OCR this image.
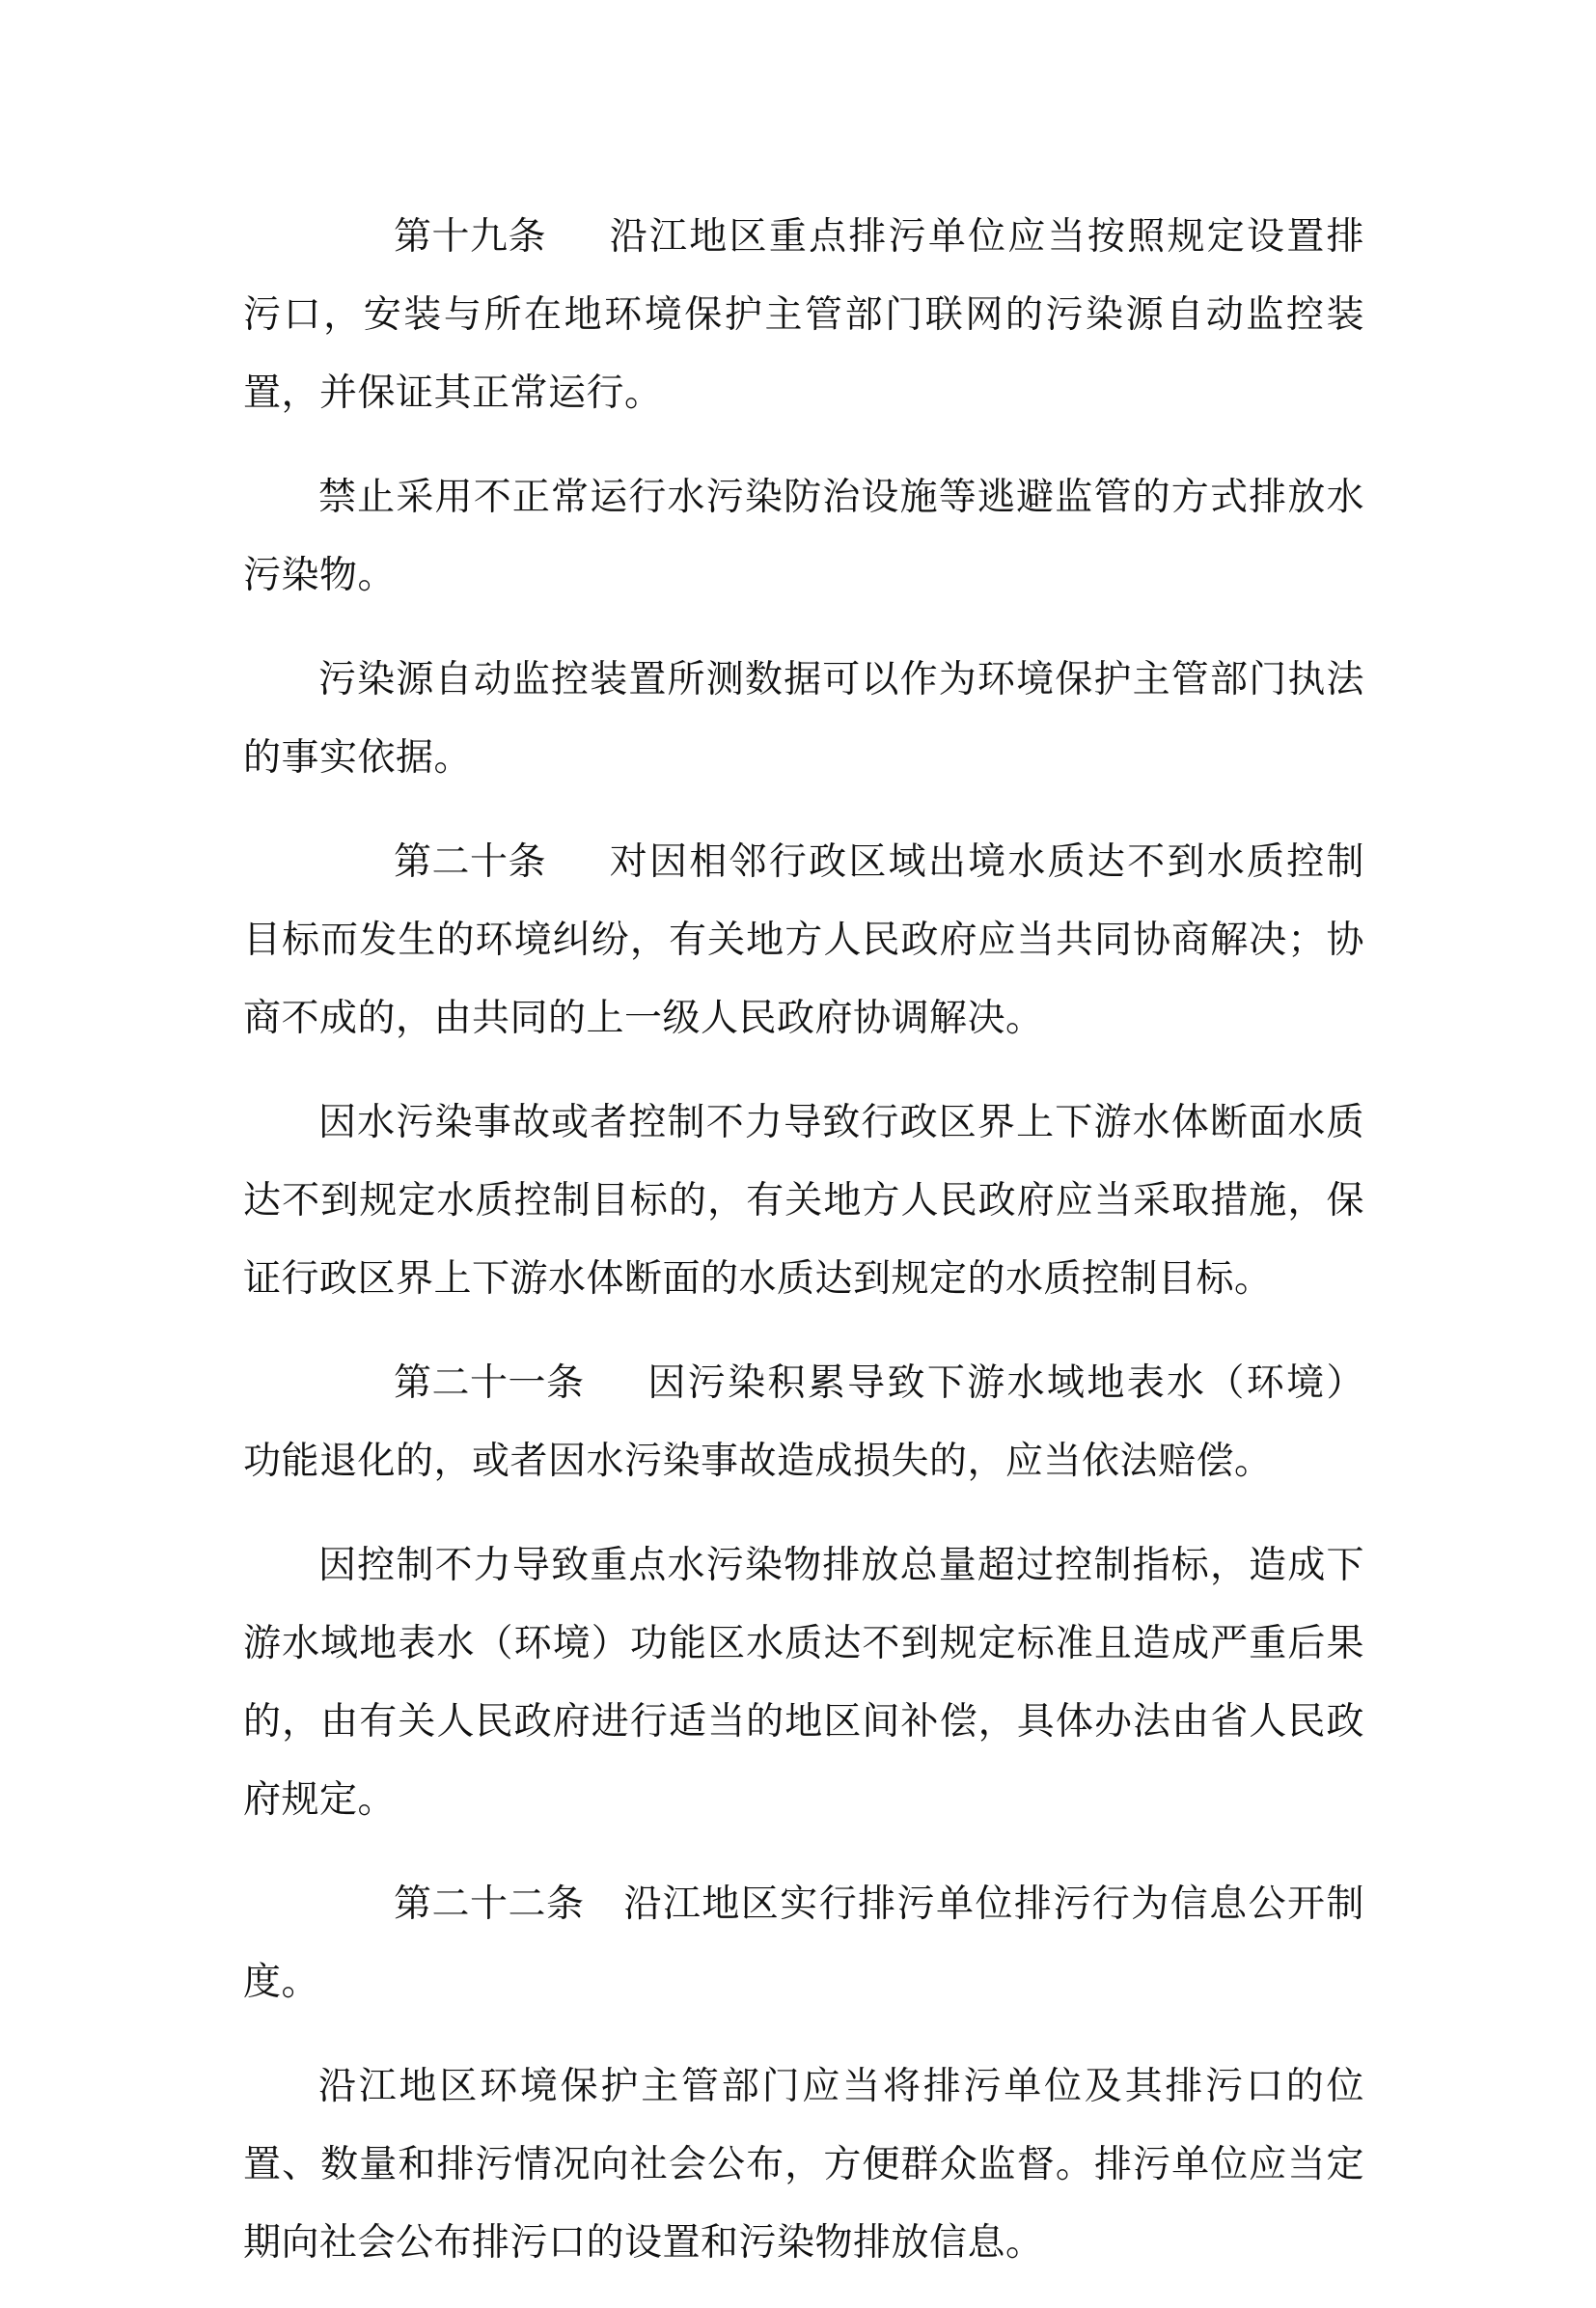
第十九条 沿江地区重点排污单位应当按照规定设置排污口，安装与所在地环境保护主管部门联网的污染源自动监控装置，并保证其正常运行。

禁止采用不正常运行水污染防治设施等逃避监管的方式排放水污染物。

污染源自动监控装置所测数据可以作为环境保护主管部门执法的事实依据。

第二十条 对因相邻行政区域出境水质达不到水质控制目标而发生的环境纠纷，有关地方人民政府应当共同协商解决；协商不成的，由共同的上一级人民政府协调解决。

因水污染事故或者控制不力导致行政区界上下游水体断面水质达不到规定水质控制目标的，有关地方人民政府应当采取措施，保证行政区界上下游水体断面的水质达到规定的水质控制目标。

第二十一条 因污染积累导致下游水域地表水（环境）功能退化的，或者因水污染事故造成损失的，应当依法赔偿。

因控制不力导致重点水污染物排放总量超过控制指标，造成下游水域地表水（环境）功能区水质达不到规定标准且造成严重后果的，由有关人民政府进行适当的地区间补偿，具体办法由省人民政府规定。

第二十二条 沿江地区实行排污单位排污行为信息公开制度。

沿江地区环境保护主管部门应当将排污单位及其排污口的位置、数量和排污情况向社会公布，方便群众监督。排污单位应当定期向社会公布排污口的设置和污染物排放信息。
